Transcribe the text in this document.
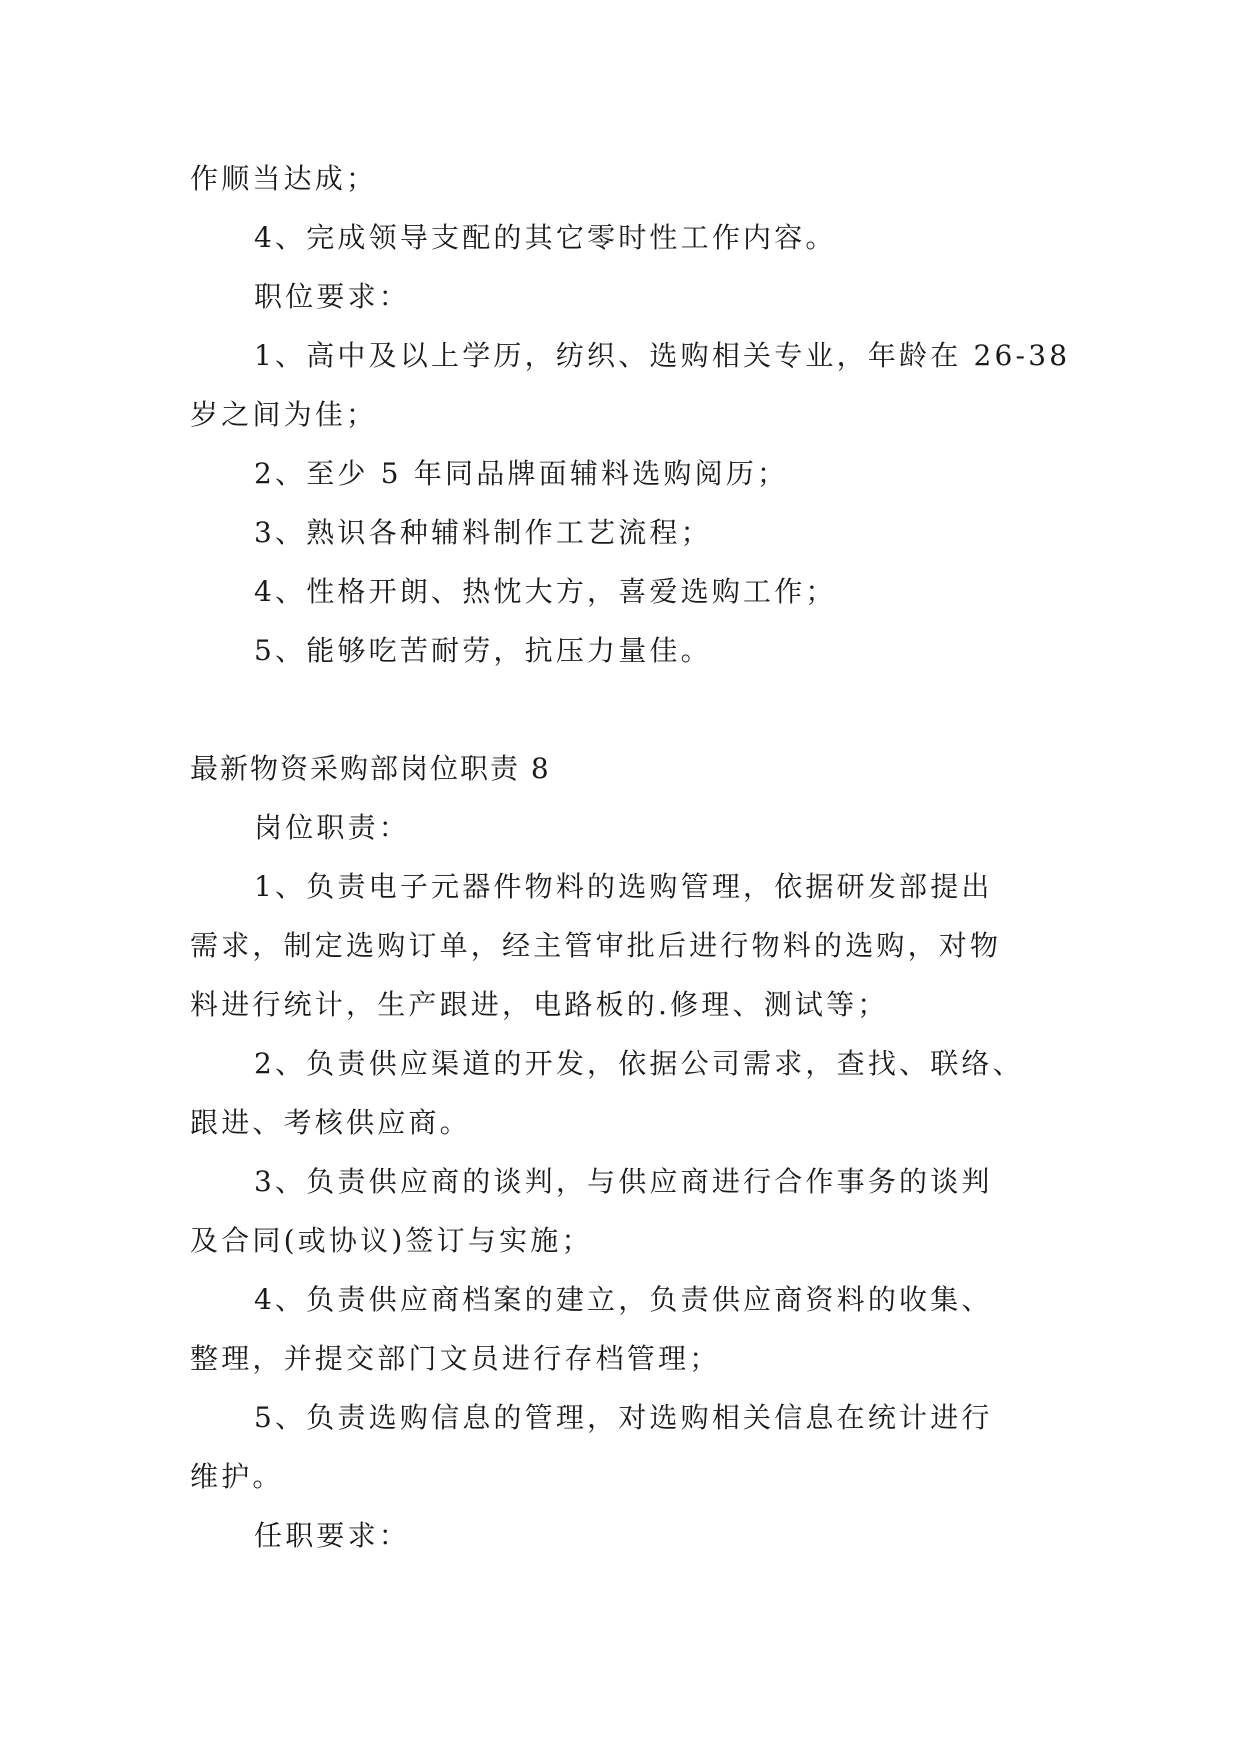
作顺当达成；
4、完成领导支配的其它零时性工作内容。
职位要求：
1、高中及以上学历，纺织、选购相关专业，年龄在 26-38
岁之间为佳；
2、至少 5 年同品牌面辅料选购阅历；
3、熟识各种辅料制作工艺流程；
4、性格开朗、热忱大方，喜爱选购工作；
5、能够吃苦耐劳，抗压力量佳。
最新物资采购部岗位职责 8
岗位职责：
1、负责电子元器件物料的选购管理，依据研发部提出
需求，制定选购订单，经主管审批后进行物料的选购，对物
料进行统计，生产跟进，电路板的.修理、测试等；
2、负责供应渠道的开发，依据公司需求，查找、联络、
跟进、考核供应商。
3、负责供应商的谈判，与供应商进行合作事务的谈判
及合同(或协议)签订与实施；
4、负责供应商档案的建立，负责供应商资料的收集、
整理，并提交部门文员进行存档管理；
5、负责选购信息的管理，对选购相关信息在统计进行
维护。
任职要求：
